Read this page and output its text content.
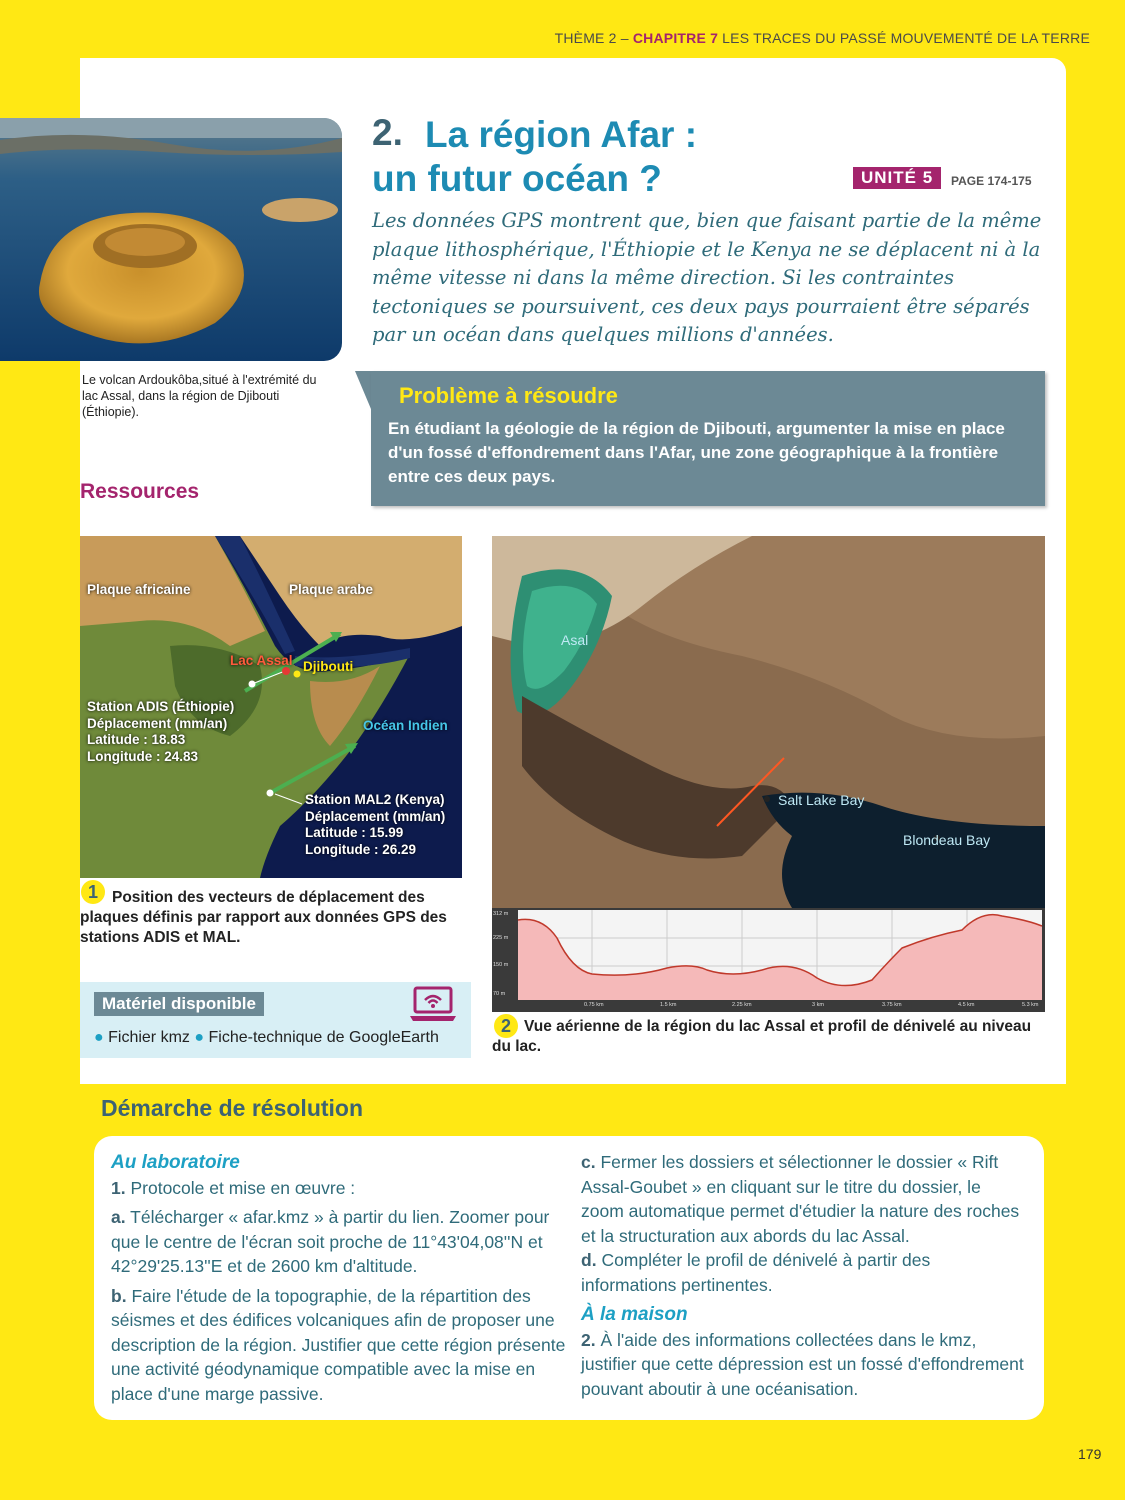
THÈME 2 – CHAPITRE 7 LES TRACES DU PASSÉ MOUVEMENTÉ DE LA TERRE
Le volcan Ardoukôba,situé à l'extrémité du lac Assal, dans la région de Djibouti (Éthiopie).
2. La région Afar :
un futur océan ?	UNITÉ 5	PAGE 174-175
Les données GPS montrent que, bien que faisant partie de la même plaque lithosphérique, l'Éthiopie et le Kenya ne se déplacent ni à la même vitesse ni dans la même direction. Si les contraintes tectoniques se poursuivent, ces deux pays pourraient être séparés par un océan dans quelques millions d'années.
Problème à résoudre
En étudiant la géologie de la région de Djibouti, argumenter la mise en place d'un fossé d'effondrement dans l'Afar, une zone géographique à la frontière entre ces deux pays.
Ressources
Plaque africaine	Plaque arabe
Lac Assal Djibouti
Océan Indien
Station ADIS (Éthiopie)
Déplacement (mm/an)
Latitude : 18.83
Longitude : 24.83
Station MAL2 (Kenya)
Déplacement (mm/an)
Latitude : 15.99
Longitude : 26.29
1 Position des vecteurs de déplacement des plaques définis par rapport aux données GPS des stations ADIS et MAL.
Matériel disponible
● Fichier kmz ● Fiche-technique de GoogleEarth
Asal
Salt Lake Bay
Blondeau Bay
312 m
225 m
150 m
70 m
0.75 km	1.5 km	2.25 km	3 km	3.75 km	4.5 km	5.3 km
2 Vue aérienne de la région du lac Assal et profil de dénivelé au niveau du lac.
Démarche de résolution

Au laboratoire
1. Protocole et mise en œuvre :

a. Télécharger « afar.kmz » à partir du lien. Zoomer pour que le centre de l'écran soit proche de 11°43'04,08''N et 42°29'25.13''E et de 2600 km d'altitude.

b. Faire l'étude de la topographie, de la répartition des séismes et des édifices volcaniques afin de proposer une description de la région. Justifier que cette région présente une activité géodynamique compatible avec la mise en place d'une marge passive.

c. Fermer les dossiers et sélectionner le dossier « Rift Assal-Goubet » en cliquant sur le titre du dossier, le zoom automatique permet d'étudier la nature des roches et la structuration aux abords du lac Assal.
d. Compléter le profil de dénivelé à partir des informations pertinentes.

À la maison
2. À l'aide des informations collectées dans le kmz, justifier que cette dépression est un fossé d'effondrement pouvant aboutir à une océanisation.

179
